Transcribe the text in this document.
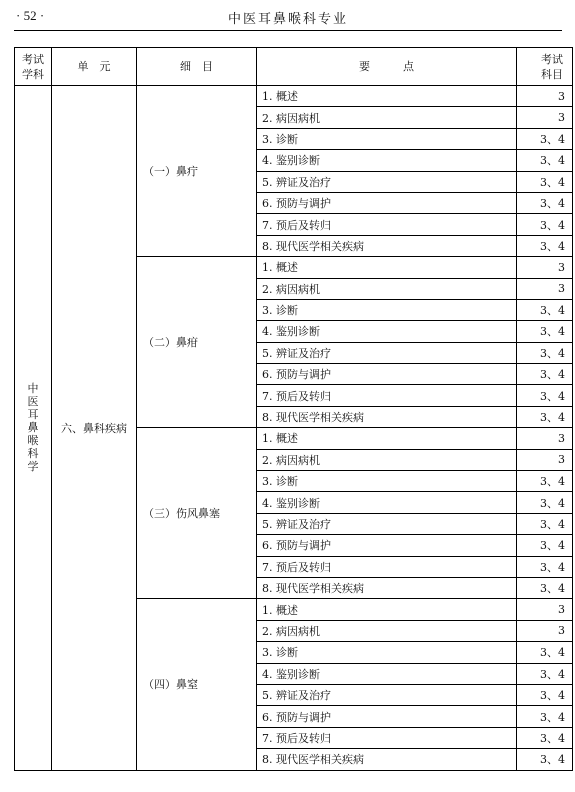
· 52 ·	中医耳鼻喉科专业
考试学科	单　元	细　目	要　　　点	考试科目
中医耳鼻喉科学	六、鼻科疾病	（一）鼻疔	1. 概述	3
			2. 病因病机	3
			3. 诊断	3、4
			4. 鉴别诊断	3、4
			5. 辨证及治疗	3、4
			6. 预防与调护	3、4
			7. 预后及转归	3、4
			8. 现代医学相关疾病	3、4
		（二）鼻疳	1. 概述	3
			2. 病因病机	3
			3. 诊断	3、4
			4. 鉴别诊断	3、4
			5. 辨证及治疗	3、4
			6. 预防与调护	3、4
			7. 预后及转归	3、4
			8. 现代医学相关疾病	3、4
		（三）伤风鼻塞	1. 概述	3
			2. 病因病机	3
			3. 诊断	3、4
			4. 鉴别诊断	3、4
			5. 辨证及治疗	3、4
			6. 预防与调护	3、4
			7. 预后及转归	3、4
			8. 现代医学相关疾病	3、4
		（四）鼻窒	1. 概述	3
			2. 病因病机	3
			3. 诊断	3、4
			4. 鉴别诊断	3、4
			5. 辨证及治疗	3、4
			6. 预防与调护	3、4
			7. 预后及转归	3、4
			8. 现代医学相关疾病	3、4
